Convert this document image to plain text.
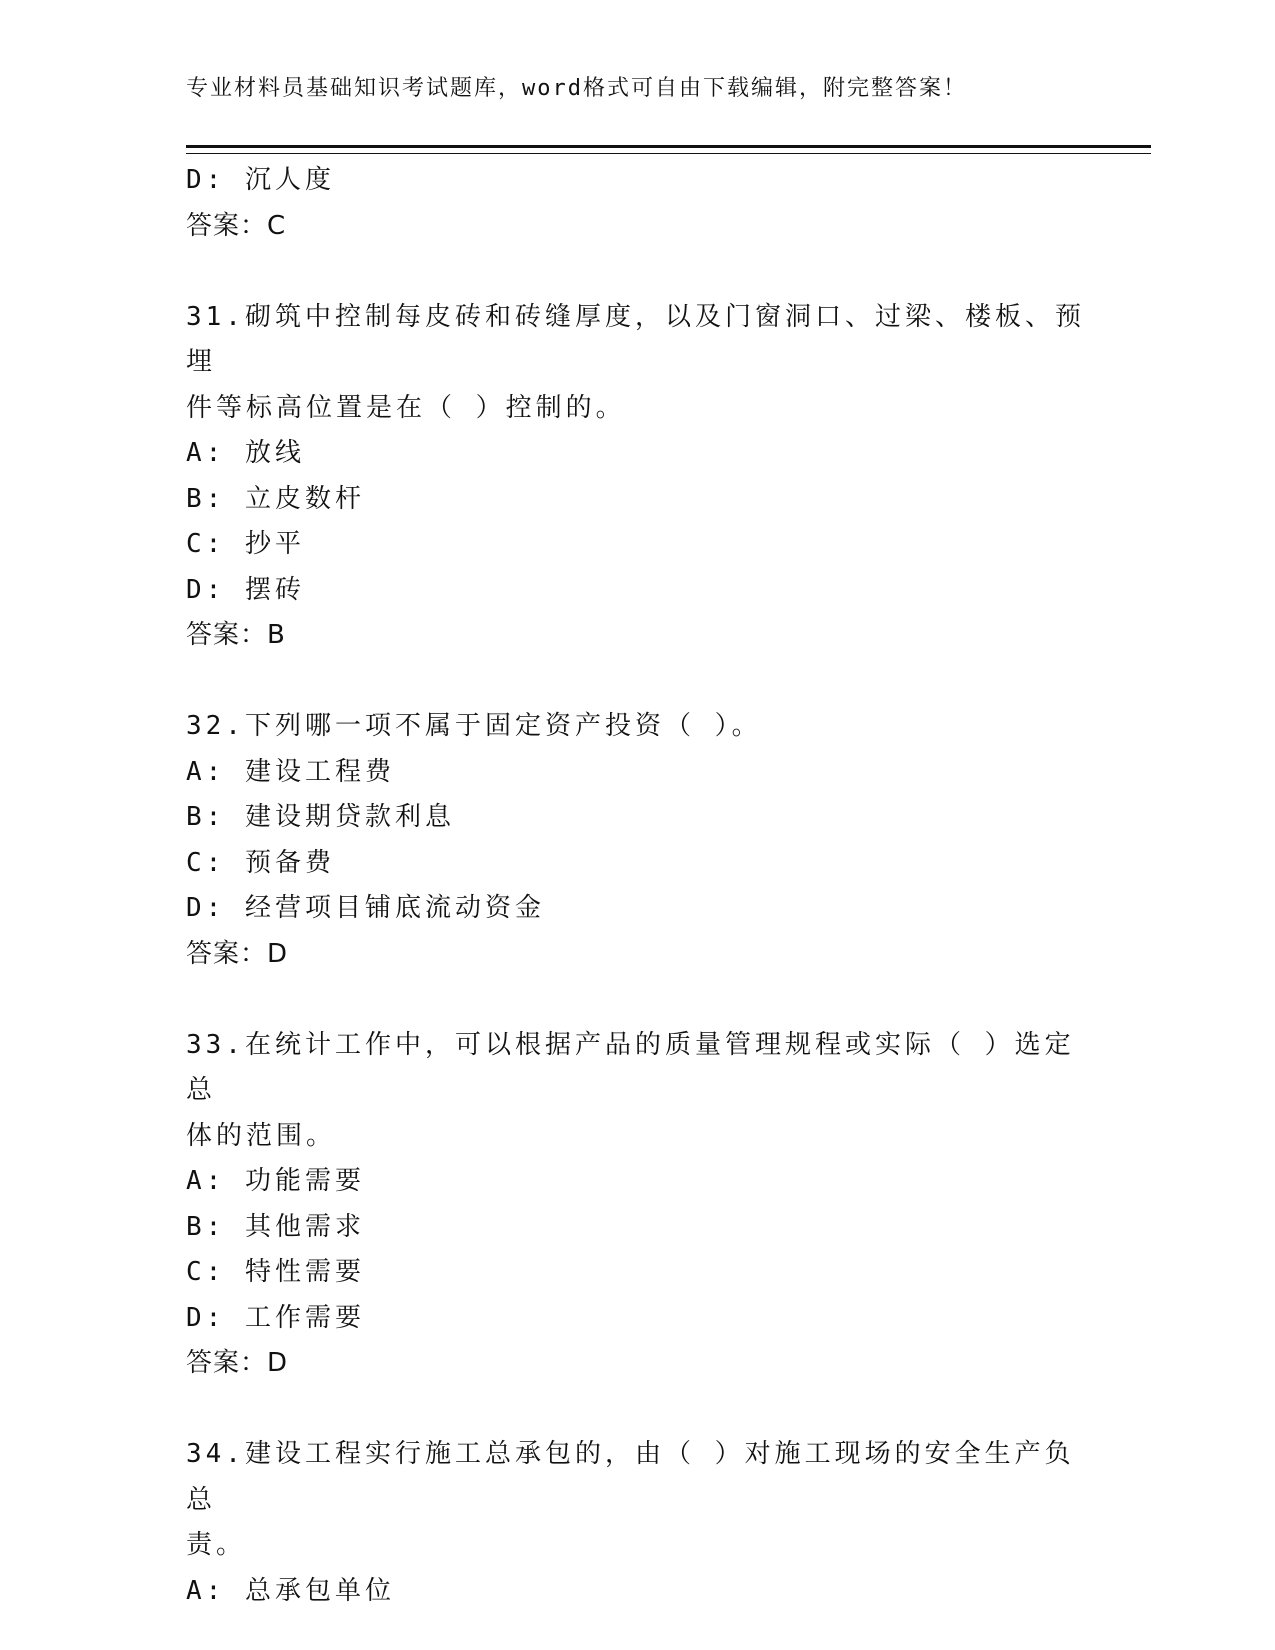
专业材料员基础知识考试题库，word格式可自由下载编辑，附完整答案！
D: 沉人度
答案：C
31.砌筑中控制每皮砖和砖缝厚度，以及门窗洞口、过梁、楼板、预埋
件等标高位置是在（ ）控制的。
A: 放线
B: 立皮数杆
C: 抄平
D: 摆砖
答案：B
32.下列哪一项不属于固定资产投资（ ）。
A: 建设工程费
B: 建设期贷款利息
C: 预备费
D: 经营项目铺底流动资金
答案：D
33.在统计工作中，可以根据产品的质量管理规程或实际（ ）选定总
体的范围。
A: 功能需要
B: 其他需求
C: 特性需要
D: 工作需要
答案：D
34.建设工程实行施工总承包的，由（ ）对施工现场的安全生产负总
责。
A: 总承包单位
